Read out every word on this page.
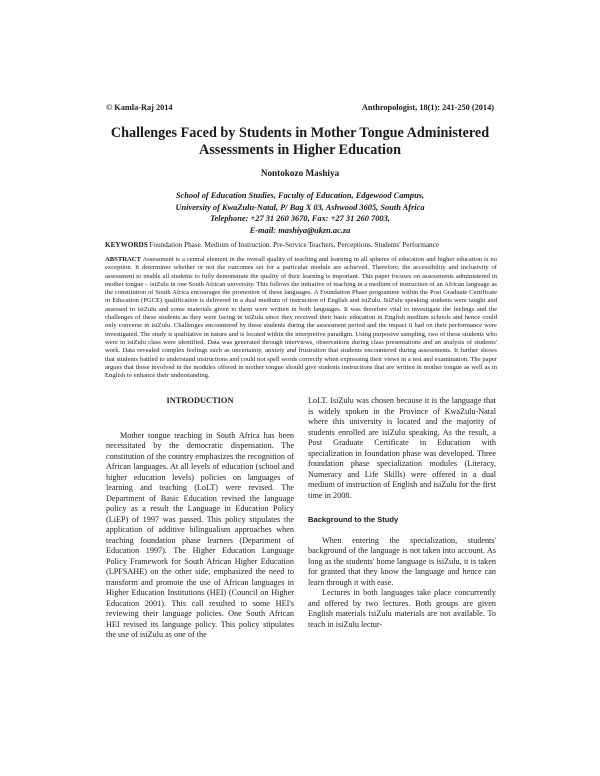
© Kamla-Raj 2014	Anthropologist, 18(1): 241-250 (2014)
Challenges Faced by Students in Mother Tongue Administered
Assessments in Higher Education
Nontokozo Mashiya
School of Education Studies, Faculty of Education, Edgewood Campus,
University of KwaZulu-Natal, P/ Bag X 03, Ashwood 3605, South Africa
Telephone: +27 31 260 3670, Fax: +27 31 260 7003,
E-mail: mashiya@ukzn.ac.za
KEYWORDS Foundation Phase. Medium of Instruction. Pre-Service Teachers. Perceptions. Students' Performance
ABSTRACT Assessment is a central element in the overall quality of teaching and learning in all spheres of education and higher education is no exception. It determines whether or not the outcomes set for a particular module are achieved. Therefore, the accessibility and inclusivity of assessment to enable all students to fully demonstrate the quality of their learning is important. This paper focuses on assessments administered in mother tongue – isiZulu in one South African university. This follows the initiative of teaching in a medium of instruction of an African language as the constitution of South Africa encourages the promotion of these languages. A Foundation Phase programme within the Post Graduate Certificate in Education (PGCE) qualification is delivered in a dual medium of instruction of English and isiZulu. IsiZulu speaking students were taught and assessed in isiZulu and some materials given to them were written in both languages. It was therefore vital to investigate the feelings and the challenges of these students as they were facing in isiZulu since they received their basic education in English medium schools and hence could only converse in isiZulu. Challenges encountered by these students during the assessment period and the impact it had on their performance were investigated. The study is qualitative in nature and is located within the interpretive paradigm. Using purposive sampling, two of these students who were in isiZulu class were identified. Data was generated through interviews, observations during class presentations and an analysis of students' work. Data revealed complex feelings such as uncertainty, anxiety and frustration that students encountered during assessments. It further shows that students battled to understand instructions and could not spell words correctly when expressing their views in a test and examination. The paper argues that those involved in the modules offered in mother tongue should give students instructions that are written in mother tongue as well as in English to enhance their understanding.

INTRODUCTION

Mother tongue teaching in South Africa has been necessitated by the democratic dispensation. The constitution of the country emphasizes the recognition of African languages. At all levels of education (school and higher education levels) policies on languages of learning and teaching (LoLT) were revised. The Department of Basic Education revised the language policy as a result the Language in Education Policy (LiEP) of 1997 was passed. This policy stipulates the application of additive bilingualism approaches when teaching foundation phase learners (Department of Education 1997). The Higher Education Language Policy Framework for South African Higher Education (LPFSAHE) on the other side, emphasized the need to transform and promote the use of African languages in Higher Education Institutions (HEI) (Council on Higher Education 2001). This call resulted to some HEI's reviewing their language policies. One South African HEI revised its language policy. This policy stipulates the use of isiZulu as one of the

LoLT. IsiZulu was chosen because it is the language that is widely spoken in the Province of KwaZulu-Natal where this university is located and the majority of students enrolled are isiZulu speaking. As the result, a Post Graduate Certificate in Education with specialization in foundation phase was developed. Three foundation phase specialization modules (Literacy, Numeracy and Life Skills) were offered in a dual medium of instruction of English and isiZulu for the first time in 2008.

Background to the Study

When entering the specialization, students' background of the language is not taken into account. As long as the students' home language is isiZulu, it is taken for granted that they know the language and hence can learn through it with ease.

Lectures in both languages take place concurrently and offered by two lectures. Both groups are given English materials isiZulu materials are not available. To teach in isiZulu lectur-
